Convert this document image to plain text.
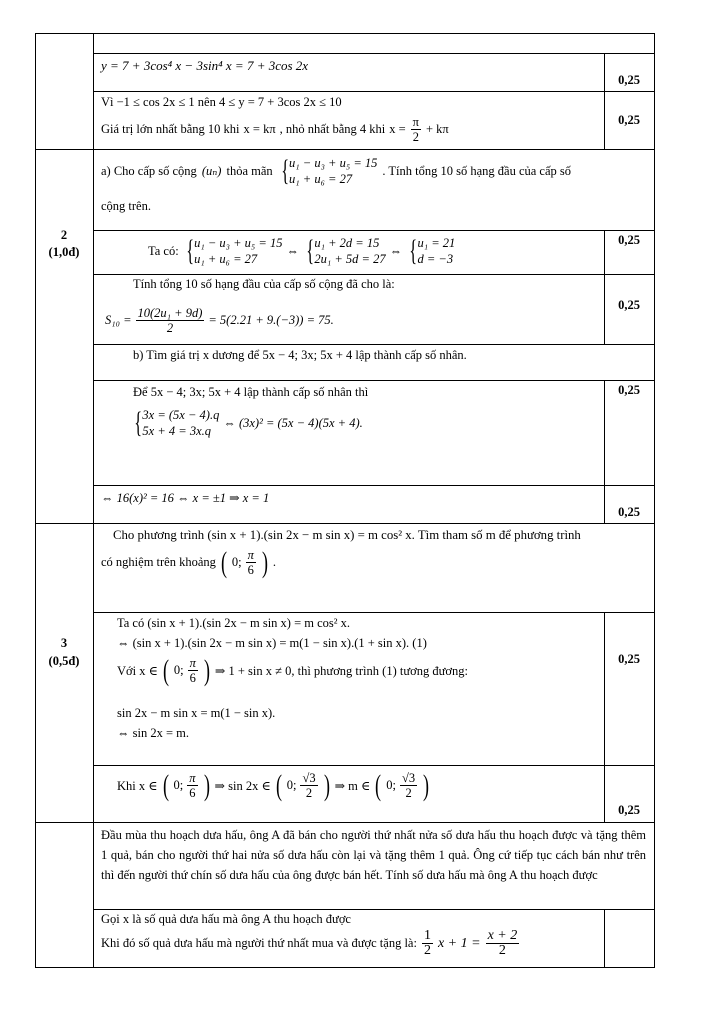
y = 7 + 3cos⁴ x − 3sin⁴ x = 7 + 3cos 2x
0,25
Vì −1 ≤ cos 2x ≤ 1 nên 4 ≤ y = 7 + 3cos 2x ≤ 10
Giá trị lớn nhất bằng 10 khi x = kπ , nhỏ nhất bằng 4 khi $x = \frac{\pi}{2} + k\pi$
0,25
2
(1,0đ)
a) Cho cấp số cộng (uₙ) thỏa mãn { u₁ − u₃ + u₅ = 15
u₁ + u₆ = 27
. Tính tổng 10 số hạng đầu của cấp số
cộng trên.
Ta có: { u₁ − u₃ + u₅ = 15
u₁ + u₆ = 27
⇔ { u₁ + 2d = 15
2u₁ + 5d = 27
⇔ { u₁ = 21
d = −3
0,25
Tính tổng 10 số hạng đầu của cấp số cộng đã cho là:
$S_{10} = \frac{\text{10(2u₁ + 9d)}}{2} = 5(2.21 + 9.(-3)) = 75$.
0,25
b) Tìm giá trị x dương để 5x − 4; 3x; 5x + 4 lập thành cấp số nhân.
Để 5x − 4; 3x; 5x + 4 lập thành cấp số nhân thì
{ 3x = (5x − 4).q
5x + 4 = 3x.q
⇔ (3x)² = (5x − 4)(5x + 4).
0,25
⇔ 16(x)² = 16 ⇔ x = ±1 ⇒ x = 1
0,25
3
(0,5đ)
Cho phương trình (sin x + 1).(sin 2x − m sin x) = m cos² x. Tìm tham số m để phương trình
có nghiệm trên khoảng ( 0; $\frac{\pi}{6}$ ) .
Ta có (sin x + 1).(sin 2x − m sin x) = m cos² x.
⇔ (sin x + 1).(sin 2x − m sin x) = m(1 − sin x).(1 + sin x). (1)
Với x ∈ ( 0; $\frac{\pi}{6}$ ) ⇒ 1 + sin x ≠ 0, thì phương trình (1) tương đương:
sin 2x − m sin x = m(1 − sin x).
⇔ sin 2x = m.
0,25
Khi x ∈ ( 0; $\frac{\pi}{6}$ ) ⇒ sin 2x ∈ ( 0; $\frac{√3}{2}$ ) ⇒ m ∈ ( 0; $\frac{√3}{2}$ )
0,25
Đầu mùa thu hoạch dưa hấu, ông A đã bán cho người thứ nhất nửa số dưa hấu thu hoạch được và tặng thêm 1 quả, bán cho người thứ hai nửa số dưa hấu còn lại và tặng thêm 1 quả. Ông cứ tiếp tục cách bán như trên thì đến người thứ chín số dưa hấu của ông được bán hết. Tính số dưa hấu mà ông A thu hoạch được
Gọi x là số quả dưa hấu mà ông A thu hoạch được
Khi đó số quả dưa hấu mà người thứ nhất mua và được tặng là: $\frac{1}{2}$ $x + 1 = \frac{x + 2}{2}$
